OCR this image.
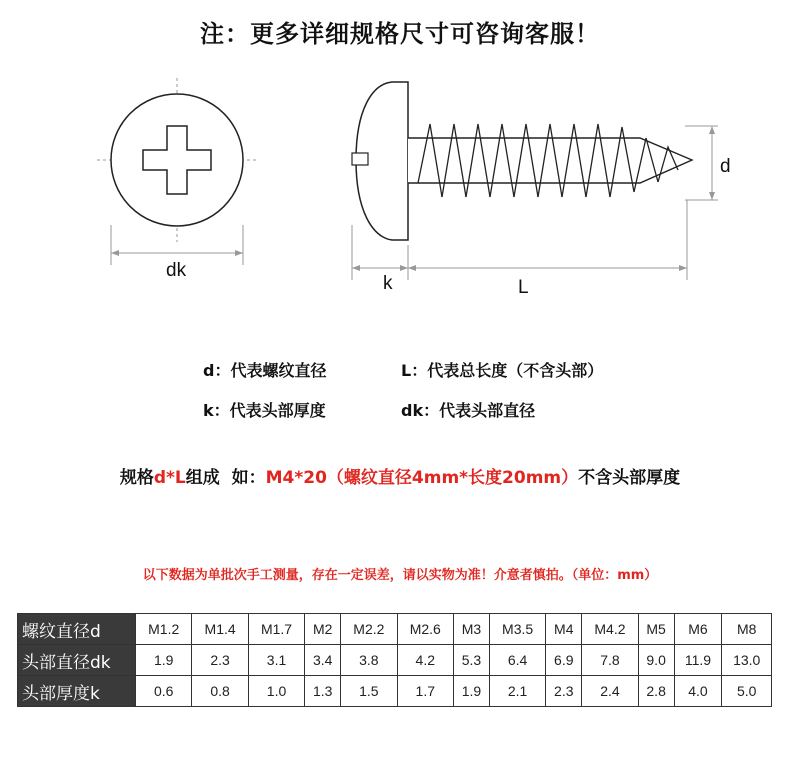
注：更多详细规格尺寸可咨询客服！
dk
d
k	L
d：代表螺纹直径	L：代表总长度（不含头部）
k：代表头部厚度	dk：代表头部直径
规格d*L组成  如：M4*20（螺纹直径4mm*长度20mm）不含头部厚度
以下数据为单批次手工测量，存在一定误差，请以实物为准！介意者慎拍。（单位：mm）
螺纹直径d	M1.2	M1.4	M1.7	M2	M2.2	M2.6	M3	M3.5	M4	M4.2	M5	M6	M8
头部直径dk	1.9	2.3	3.1	3.4	3.8	4.2	5.3	6.4	6.9	7.8	9.0	11.9	13.0
头部厚度k	0.6	0.8	1.0	1.3	1.5	1.7	1.9	2.1	2.3	2.4	2.8	4.0	5.0
